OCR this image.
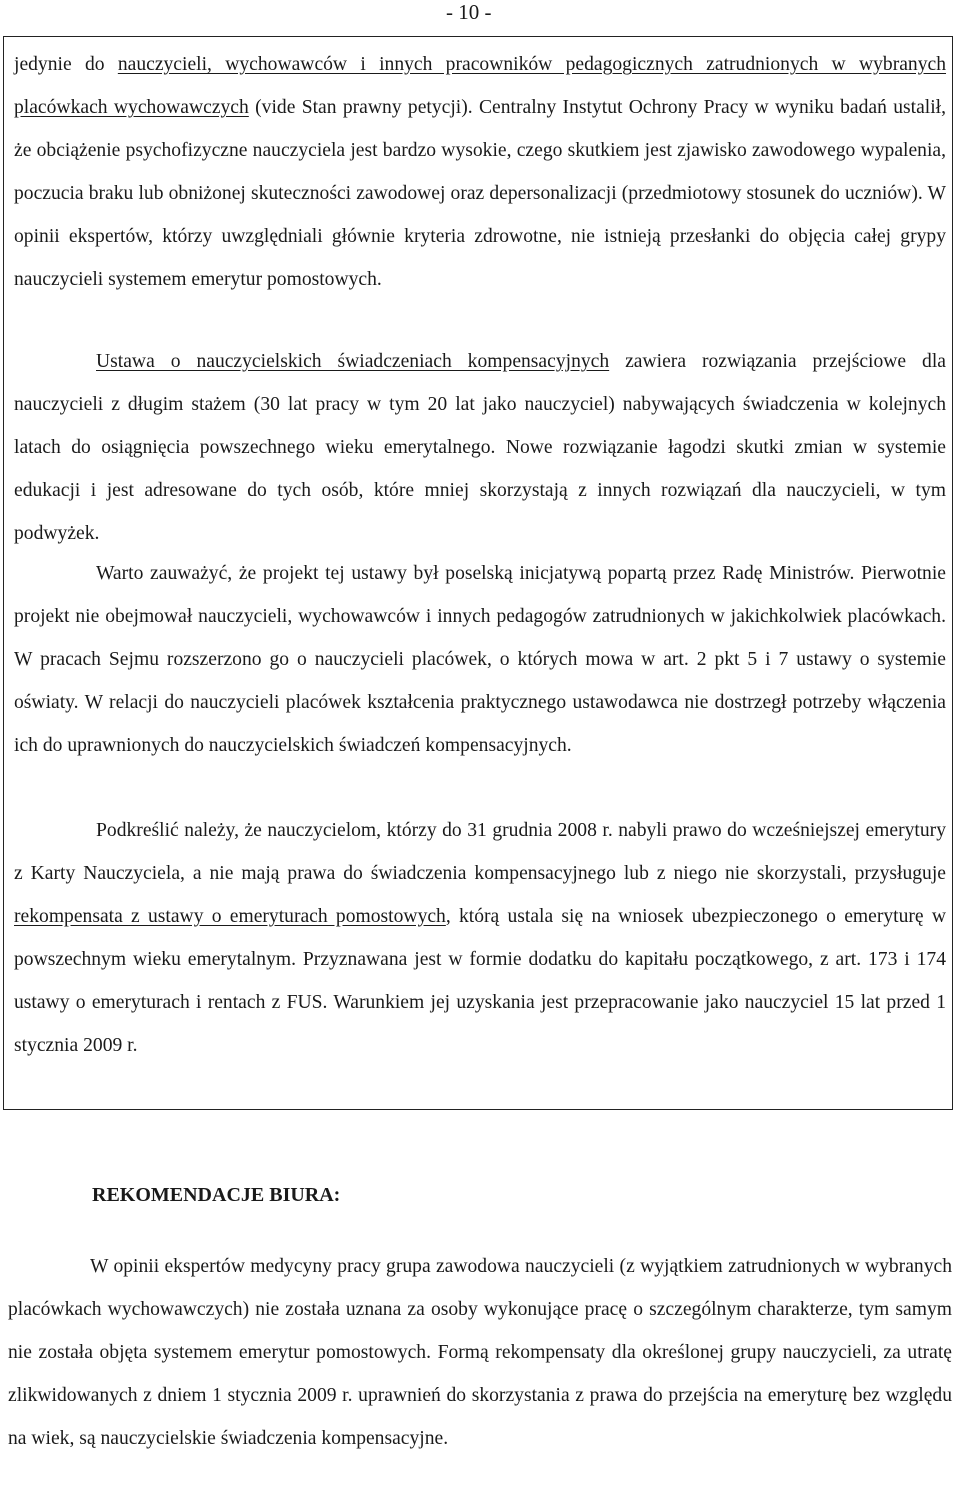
- 10 -

jedynie do nauczycieli, wychowawców i innych pracowników pedagogicznych zatrudnionych w wybranych placówkach wychowawczych (vide Stan prawny petycji). Centralny Instytut Ochrony Pracy w wyniku badań ustalił, że obciążenie psychofizyczne nauczyciela jest bardzo wysokie, czego skutkiem jest zjawisko zawodowego wypalenia, poczucia braku lub obniżonej skuteczności zawodowej oraz depersonalizacji (przedmiotowy stosunek do uczniów). W opinii ekspertów, którzy uwzględniali głównie kryteria zdrowotne, nie istnieją przesłanki do objęcia całej grypy nauczycieli systemem emerytur pomostowych.

Ustawa o nauczycielskich świadczeniach kompensacyjnych zawiera rozwiązania przejściowe dla nauczycieli z długim stażem (30 lat pracy w tym 20 lat jako nauczyciel) nabywających świadczenia w kolejnych latach do osiągnięcia powszechnego wieku emerytalnego. Nowe rozwiązanie łagodzi skutki zmian w systemie edukacji i jest adresowane do tych osób, które mniej skorzystają z innych rozwiązań dla nauczycieli, w tym podwyżek.

Warto zauważyć, że projekt tej ustawy był poselską inicjatywą popartą przez Radę Ministrów. Pierwotnie projekt nie obejmował nauczycieli, wychowawców i innych pedagogów zatrudnionych w jakichkolwiek placówkach. W pracach Sejmu rozszerzono go o nauczycieli placówek, o których mowa w art. 2 pkt 5 i 7 ustawy o systemie oświaty. W relacji do nauczycieli placówek kształcenia praktycznego ustawodawca nie dostrzegł potrzeby włączenia ich do uprawnionych do nauczycielskich świadczeń kompensacyjnych.

Podkreślić należy, że nauczycielom, którzy do 31 grudnia 2008 r. nabyli prawo do wcześniejszej emerytury z Karty Nauczyciela, a nie mają prawa do świadczenia kompensacyjnego lub z niego nie skorzystali, przysługuje rekompensata z ustawy o emeryturach pomostowych, którą ustala się na wniosek ubezpieczonego o emeryturę w powszechnym wieku emerytalnym. Przyznawana jest w formie dodatku do kapitału początkowego, z art. 173 i 174 ustawy o emeryturach i rentach z FUS. Warunkiem jej uzyskania jest przepracowanie jako nauczyciel 15 lat przed 1 stycznia 2009 r.

REKOMENDACJE BIURA:

W opinii ekspertów medycyny pracy grupa zawodowa nauczycieli (z wyjątkiem zatrudnionych w wybranych placówkach wychowawczych) nie została uznana za osoby wykonujące pracę o szczególnym charakterze, tym samym nie została objęta systemem emerytur pomostowych. Formą rekompensaty dla określonej grupy nauczycieli, za utratę zlikwidowanych z dniem 1 stycznia 2009 r. uprawnień do skorzystania z prawa do przejścia na emeryturę bez względu na wiek, są nauczycielskie świadczenia kompensacyjne.
